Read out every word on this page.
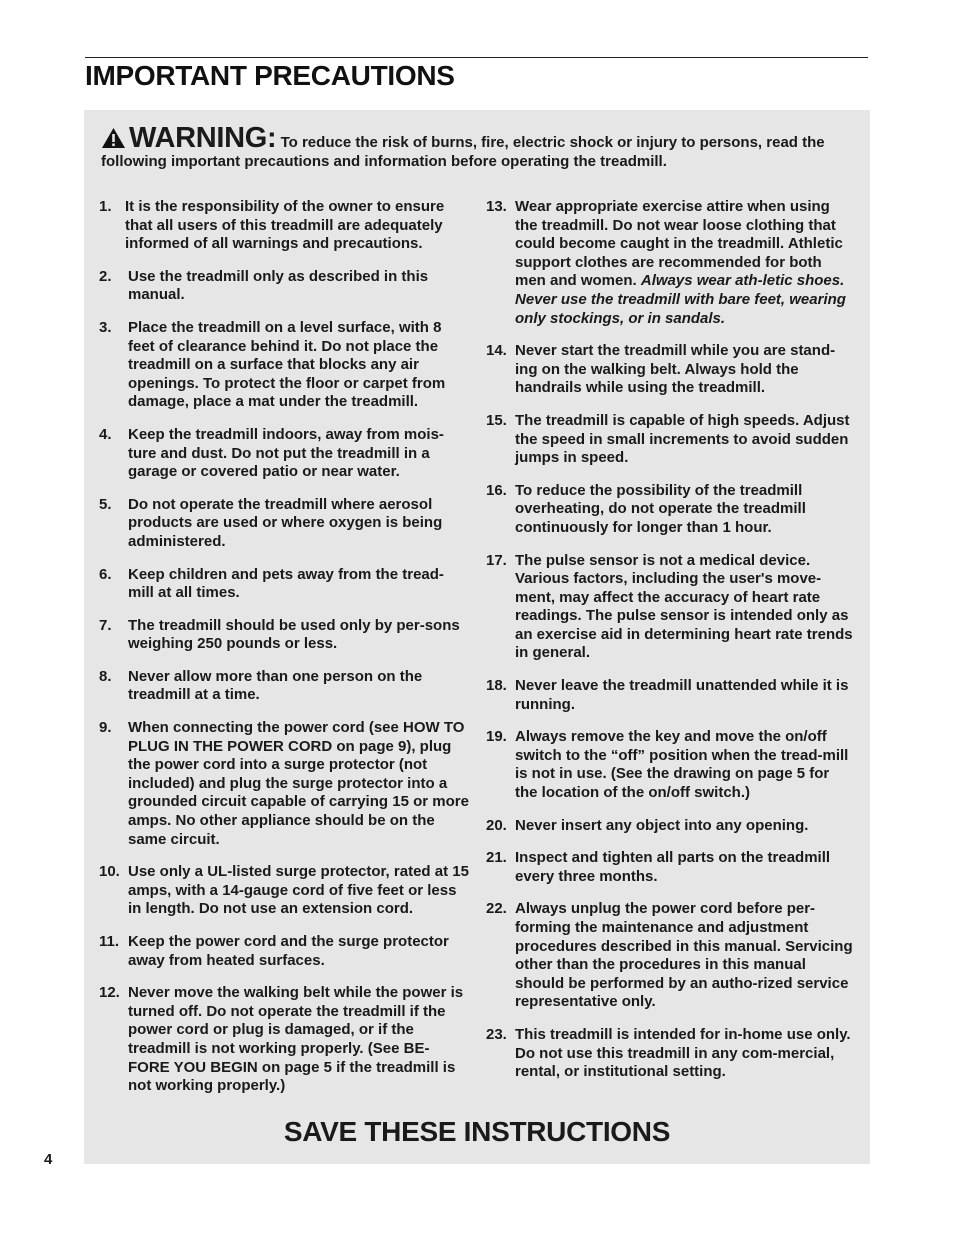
IMPORTANT PRECAUTIONS
WARNING: To reduce the risk of burns, fire, electric shock or injury to persons, read the
following important precautions and information before operating the treadmill.
1. It is the responsibility of the owner to ensure that all users of this treadmill are adequately informed of all warnings and precautions.
2.	Use the treadmill only as described in this manual.
3.	Place the treadmill on a level surface, with 8 feet of clearance behind it. Do not place the treadmill on a surface that blocks any air openings. To protect the floor or carpet from damage, place a mat under the treadmill.
4.	Keep the treadmill indoors, away from mois-ture and dust. Do not put the treadmill in a garage or covered patio or near water.
5.	Do not operate the treadmill where aerosol products are used or where oxygen is being administered.
6.	Keep children and pets away from the tread-mill at all times.
7.	The treadmill should be used only by per-sons weighing 250 pounds or less.
8.	Never allow more than one person on the treadmill at a time.
9.	When connecting the power cord (see HOW TO PLUG IN THE POWER CORD on page 9), plug the power cord into a surge protector (not included) and plug the surge protector into a grounded circuit capable of carrying 15 or more amps. No other appliance should be on the same circuit.
10. Use only a UL-listed surge protector, rated at 15 amps, with a 14-gauge cord of five feet or less in length. Do not use an extension cord.
11. Keep the power cord and the surge protector away from heated surfaces.
12. Never move the walking belt while the power is turned off. Do not operate the treadmill if the power cord or plug is damaged, or if the treadmill is not working properly. (See BE-FORE YOU BEGIN on page 5 if the treadmill is not working properly.)
13. Wear appropriate exercise attire when using the treadmill. Do not wear loose clothing that could become caught in the treadmill. Athletic support clothes are recommended for both men and women. Always wear ath-letic shoes. Never use the treadmill with bare feet, wearing only stockings, or in sandals.
14. Never start the treadmill while you are stand-ing on the walking belt. Always hold the handrails while using the treadmill.
15. The treadmill is capable of high speeds. Adjust the speed in small increments to avoid sudden jumps in speed.
16. To reduce the possibility of the treadmill overheating, do not operate the treadmill continuously for longer than 1 hour.
17. The pulse sensor is not a medical device. Various factors, including the user's move-ment, may affect the accuracy of heart rate readings. The pulse sensor is intended only as an exercise aid in determining heart rate trends in general.
18. Never leave the treadmill unattended while it is running.
19. Always remove the key and move the on/off switch to the “off” position when the tread-mill is not in use. (See the drawing on page 5 for the location of the on/off switch.)
20. Never insert any object into any opening.
21. Inspect and tighten all parts on the treadmill every three months.
22. Always unplug the power cord before per-forming the maintenance and adjustment procedures described in this manual. Servicing other than the procedures in this manual should be performed by an autho-rized service representative only.
23. This treadmill is intended for in-home use only. Do not use this treadmill in any com-mercial, rental, or institutional setting.
SAVE THESE INSTRUCTIONS
4
